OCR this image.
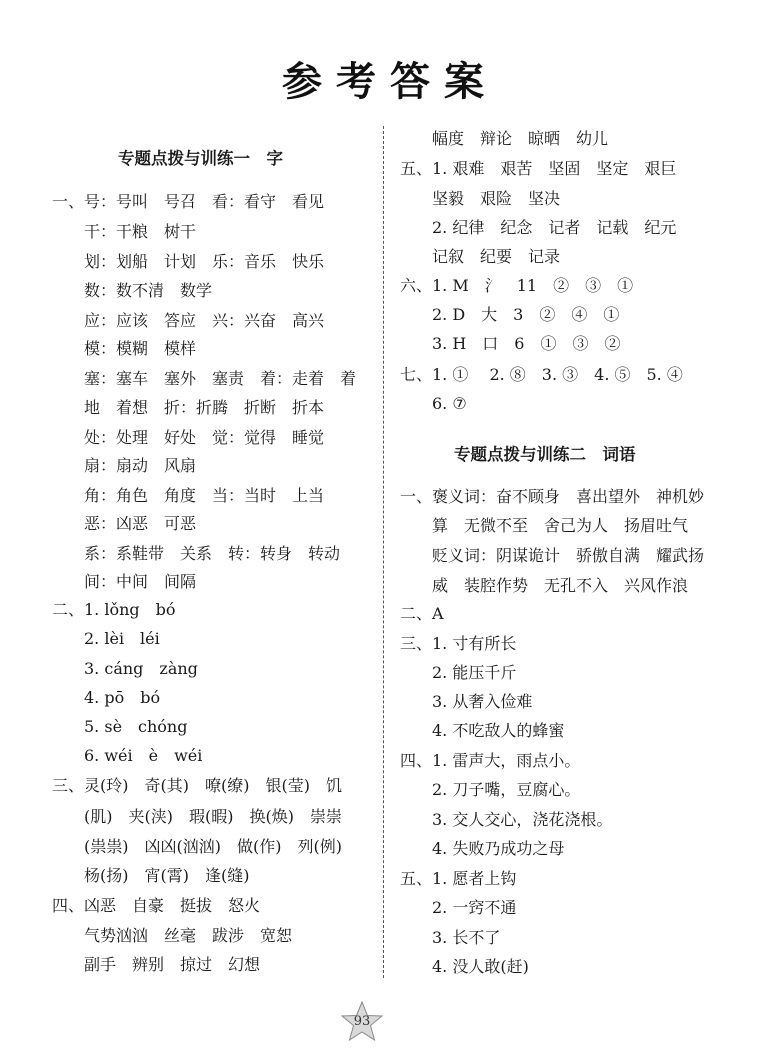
参考答案
专题点拨与训练一　字
一、号：号叫　号召　看：看守　看见
干：干粮　树干
划：划船　计划　乐：音乐　快乐
数：数不清　数学
应：应该　答应　兴：兴奋　高兴
模：模糊　模样
塞：塞车　塞外　塞责　着：走着　着
地　着想　折：折腾　折断　折本
处：处理　好处　觉：觉得　睡觉
扇：扇动　风扇
角：角色　角度　当：当时　上当
恶：凶恶　可恶
系：系鞋带　关系　转：转身　转动
间：中间　间隔
二、1. lǒng　bó
2. lèi　léi
3. cáng　zàng
4. pō　bó
5. sè　chóng
6. wéi　è　wéi
三、灵(玲)　奇(其)　嘹(缭)　银(莹)　饥
(肌)　夹(浃)　瑕(暇)　换(焕)　崇崇
(祟祟)　凶凶(汹汹)　做(作)　列(例)
杨(扬)　宵(霄)　逢(缝)
四、凶恶　自豪　挺拔　怒火
气势汹汹　丝毫　跋涉　宽恕
副手　辨别　掠过　幻想
幅度　辩论　晾晒　幼儿
五、1. 艰难　艰苦　坚固　坚定　艰巨
坚毅　艰险　坚决
2. 纪律　纪念　记者　记载　纪元
记叙　纪要　记录
六、1. M　氵　11　②　③　①
2. D　大　3　②　④　①
3. H　口　6　①　③　②
七、1. ①　 2. ⑧　3. ③　4. ⑤　5. ④
6. ⑦
专题点拨与训练二　词语
一、褒义词：奋不顾身　喜出望外　神机妙
算　无微不至　舍己为人　扬眉吐气
贬义词：阴谋诡计　骄傲自满　耀武扬
威　装腔作势　无孔不入　兴风作浪
二、A
三、1. 寸有所长
2. 能压千斤
3. 从奢入俭难
4. 不吃敌人的蜂蜜
四、1. 雷声大，雨点小。
2. 刀子嘴，豆腐心。
3. 交人交心，浇花浇根。
4. 失败乃成功之母
五、1. 愿者上钩
2. 一窍不通
3. 长不了
4. 没人敢(赶)
93
